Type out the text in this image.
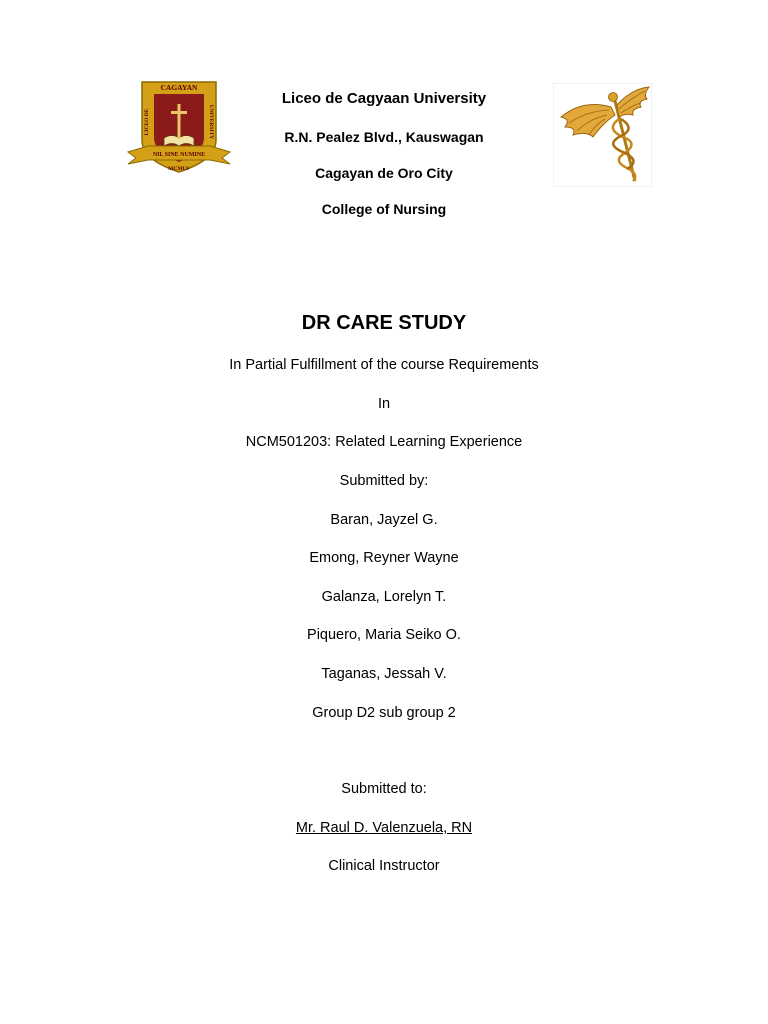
NIL SINE NUMINE
CAGAYAN
LICEO DE	UNIVERSITY
MCMLV
Liceo de Cagyaan University
R.N. Pealez Blvd., Kauswagan
Cagayan de Oro City
College of Nursing
DR CARE STUDY
In Partial Fulfillment of the course Requirements
In
NCM501203: Related Learning Experience
Submitted by:
Baran, Jayzel G.
Emong, Reyner Wayne
Galanza, Lorelyn T.
Piquero, Maria Seiko O.
Taganas, Jessah V.
Group D2 sub group 2
Submitted to:
Mr. Raul D. Valenzuela, RN
Clinical Instructor
